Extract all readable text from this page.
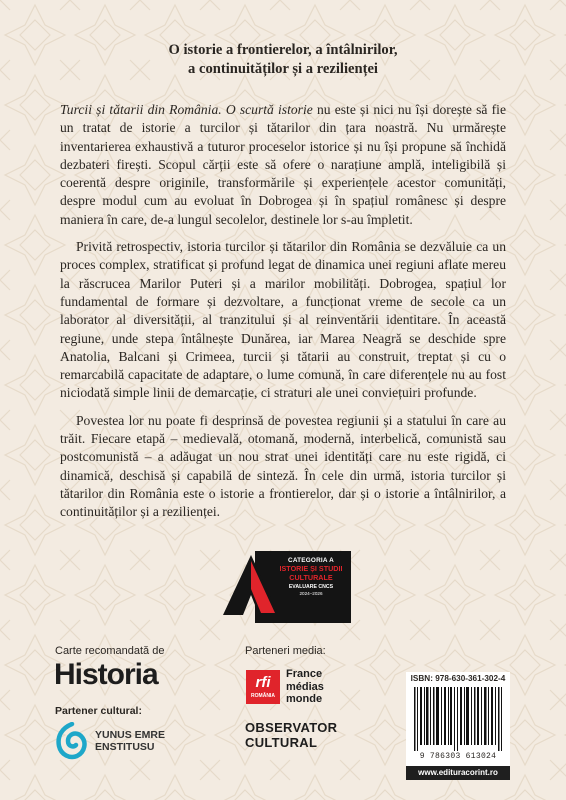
O istorie a frontierelor, a întâlnirilor,
a continuităților și a rezilienței

Turcii și tătarii din România. O scurtă istorie nu este și nici nu își dorește să fie un tratat de istorie a turcilor și tătarilor din țara noastră. Nu urmărește inventarierea exhaustivă a tuturor proceselor istorice și nu își propune să închidă dezbateri firești. Scopul cărții este să ofere o narațiune amplă, inteligibilă și coerentă despre originile, transformările și experiențele acestor comunități, despre modul cum au evoluat în Dobrogea și în spațiul românesc și despre maniera în care, de-a lungul secolelor, destinele lor s-au împletit.

Privită retrospectiv, istoria turcilor și tătarilor din România se dezvăluie ca un proces complex, stratificat și profund legat de dinamica unei regiuni aflate mereu la răscrucea Marilor Puteri și a marilor mobilități. Dobrogea, spațiul lor fundamental de formare și dezvoltare, a funcționat vreme de secole ca un laborator al diversității, al tranzitului și al reinventării identitare. În această regiune, unde stepa întâlnește Dunărea, iar Marea Neagră se deschide spre Anatolia, Balcani și Crimeea, turcii și tătarii au construit, treptat și cu o remarcabilă capacitate de adaptare, o lume comună, în care diferențele nu au fost niciodată simple linii de demarcație, ci straturi ale unei conviețuiri profunde.

Povestea lor nu poate fi desprinsă de povestea regiunii și a statului în care au trăit. Fiecare etapă – medievală, otomană, modernă, interbelică, comunistă sau postcomunistă – a adăugat un nou strat unei identități care nu este rigidă, ci dinamică, deschisă și capabilă de sinteză. În cele din urmă, istoria turcilor și tătarilor din România este o istorie a frontierelor, dar și o istorie a întâlnirilor, a continuităților și a rezilienței.

CATEGORIA A
ISTORIE ȘI STUDII
CULTURALE
EVALUARE CNCS
2024–2026
Carte recomandată de
Historia
Partener cultural:
YUNUS EMRE
ENSTITUSU
Parteneri media:
rfi
ROMÂNIA
France
médias
monde
OBSERVATOR
CULTURAL
ISBN: 978-630-361-302-4
9 786303 613024
www.edituracorint.ro
